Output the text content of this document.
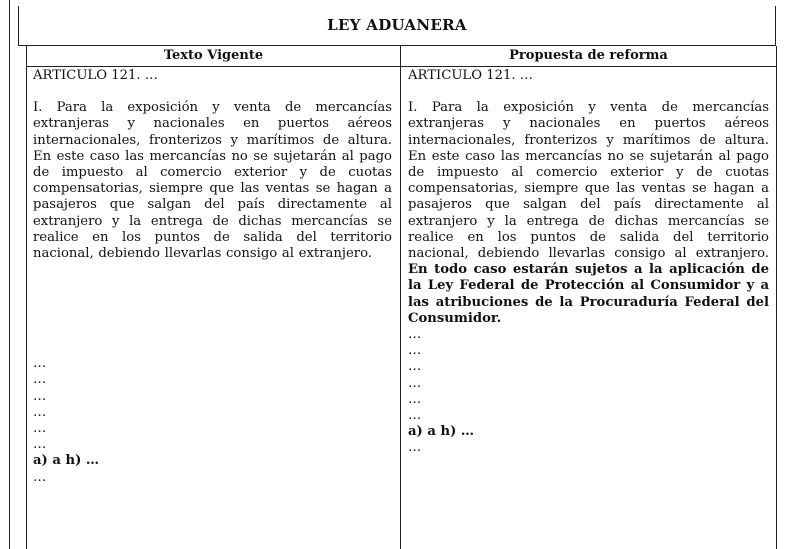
LEY ADUANERA
Texto Vigente	Propuesta de reforma

ARTICULO 121. …

I. Para la exposición y venta de mercancías extranjeras y nacionales en puertos aéreos internacionales, fronterizos y marítimos de altura. En este caso las mercancías no se sujetarán al pago de impuesto al comercio exterior y de cuotas compensatorias, siempre que las ventas se hagan a pasajeros que salgan del país directamente al extranjero y la entrega de dichas mercancías se realice en los puntos de salida del territorio nacional, debiendo llevarlas consigo al extranjero.

…

…

…

…

…

…

a) a h) …

…

ARTICULO 121. …

I. Para la exposición y venta de mercancías extranjeras y nacionales en puertos aéreos internacionales, fronterizos y marítimos de altura. En este caso las mercancías no se sujetarán al pago de impuesto al comercio exterior y de cuotas compensatorias, siempre que las ventas se hagan a pasajeros que salgan del país directamente al extranjero y la entrega de dichas mercancías se realice en los puntos de salida del territorio nacional, debiendo llevarlas consigo al extranjero. En todo caso estarán sujetos a la aplicación de la Ley Federal de Protección al Consumidor y a las atribuciones de la Procuraduría Federal del Consumidor.

…

…

…

…

…

…

a) a h) …

…
